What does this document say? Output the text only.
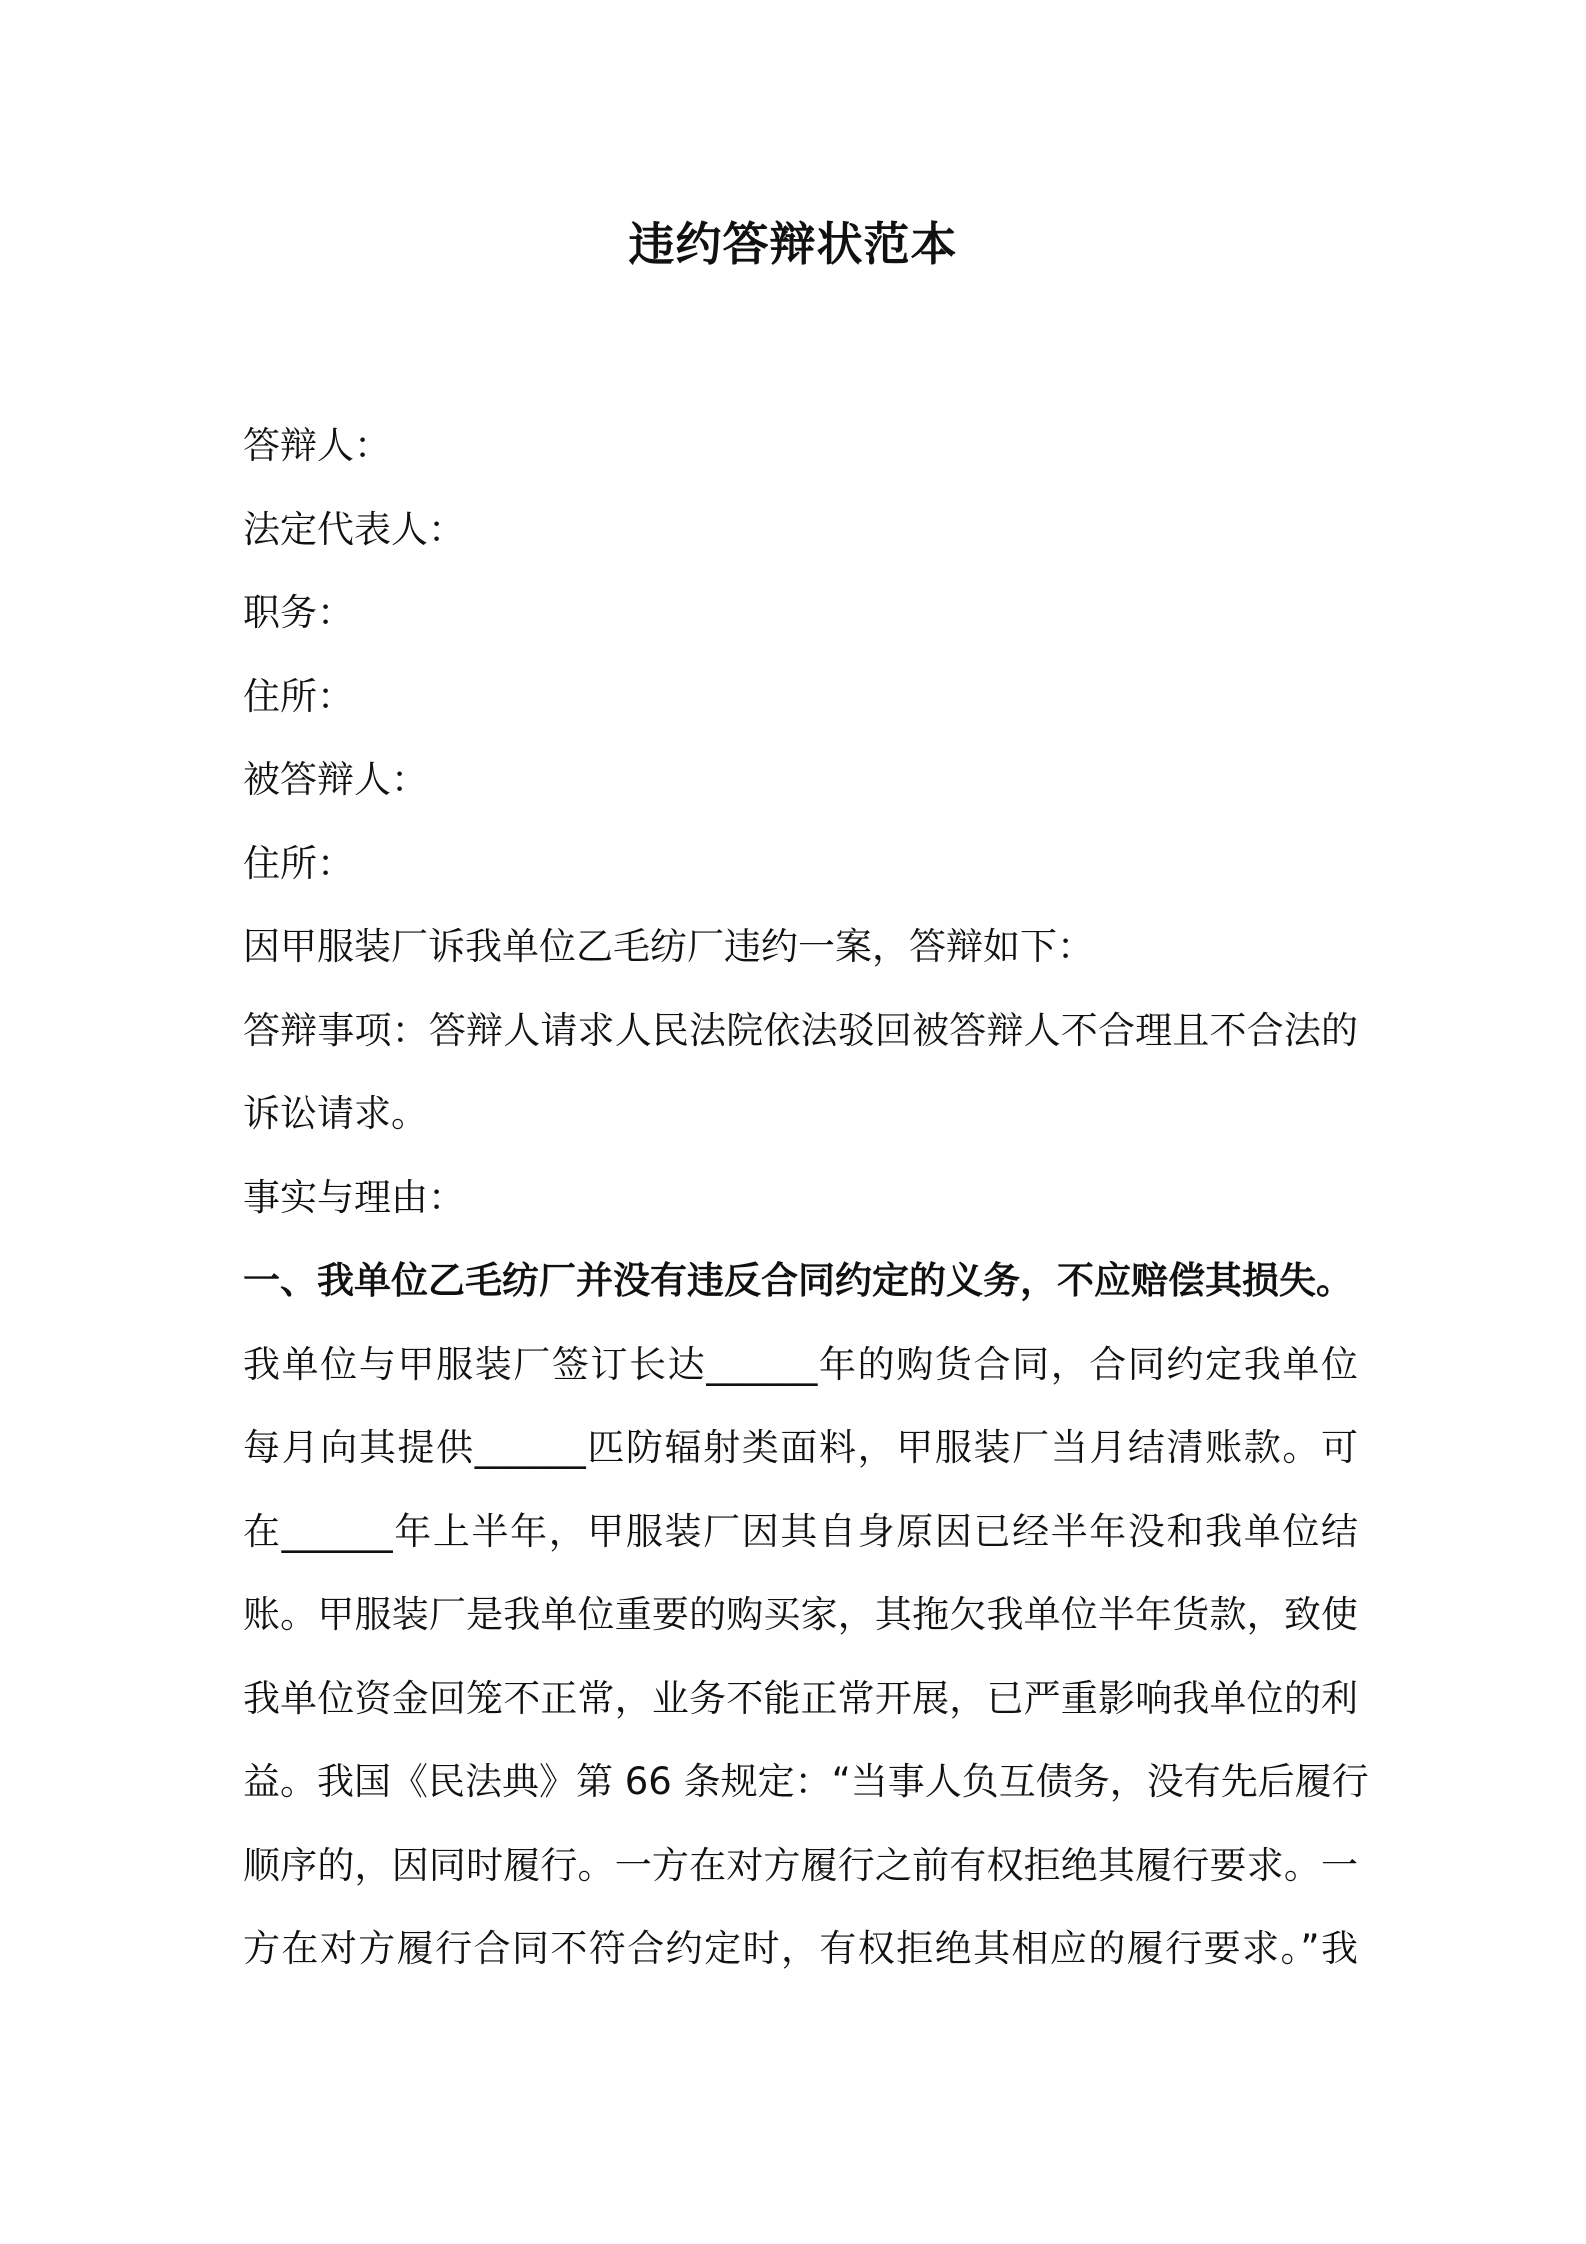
违约答辩状范本
答辩人：
法定代表人：
职务：
住所：
被答辩人：
住所：
因甲服装厂诉我单位乙毛纺厂违约一案，答辩如下：
答辩事项：答辩人请求人民法院依法驳回被答辩人不合理且不合法的
诉讼请求。
事实与理由：
一、我单位乙毛纺厂并没有违反合同约定的义务，不应赔偿其损失。
我单位与甲服装厂签订长达______年的购货合同，合同约定我单位
每月向其提供______匹防辐射类面料，甲服装厂当月结清账款。可
在______年上半年，甲服装厂因其自身原因已经半年没和我单位结
账。甲服装厂是我单位重要的购买家，其拖欠我单位半年货款，致使
我单位资金回笼不正常，业务不能正常开展，已严重影响我单位的利
益。我国《民法典》第 66 条规定：“当事人负互债务，没有先后履行
顺序的，因同时履行。一方在对方履行之前有权拒绝其履行要求。一
方在对方履行合同不符合约定时，有权拒绝其相应的履行要求。”我
